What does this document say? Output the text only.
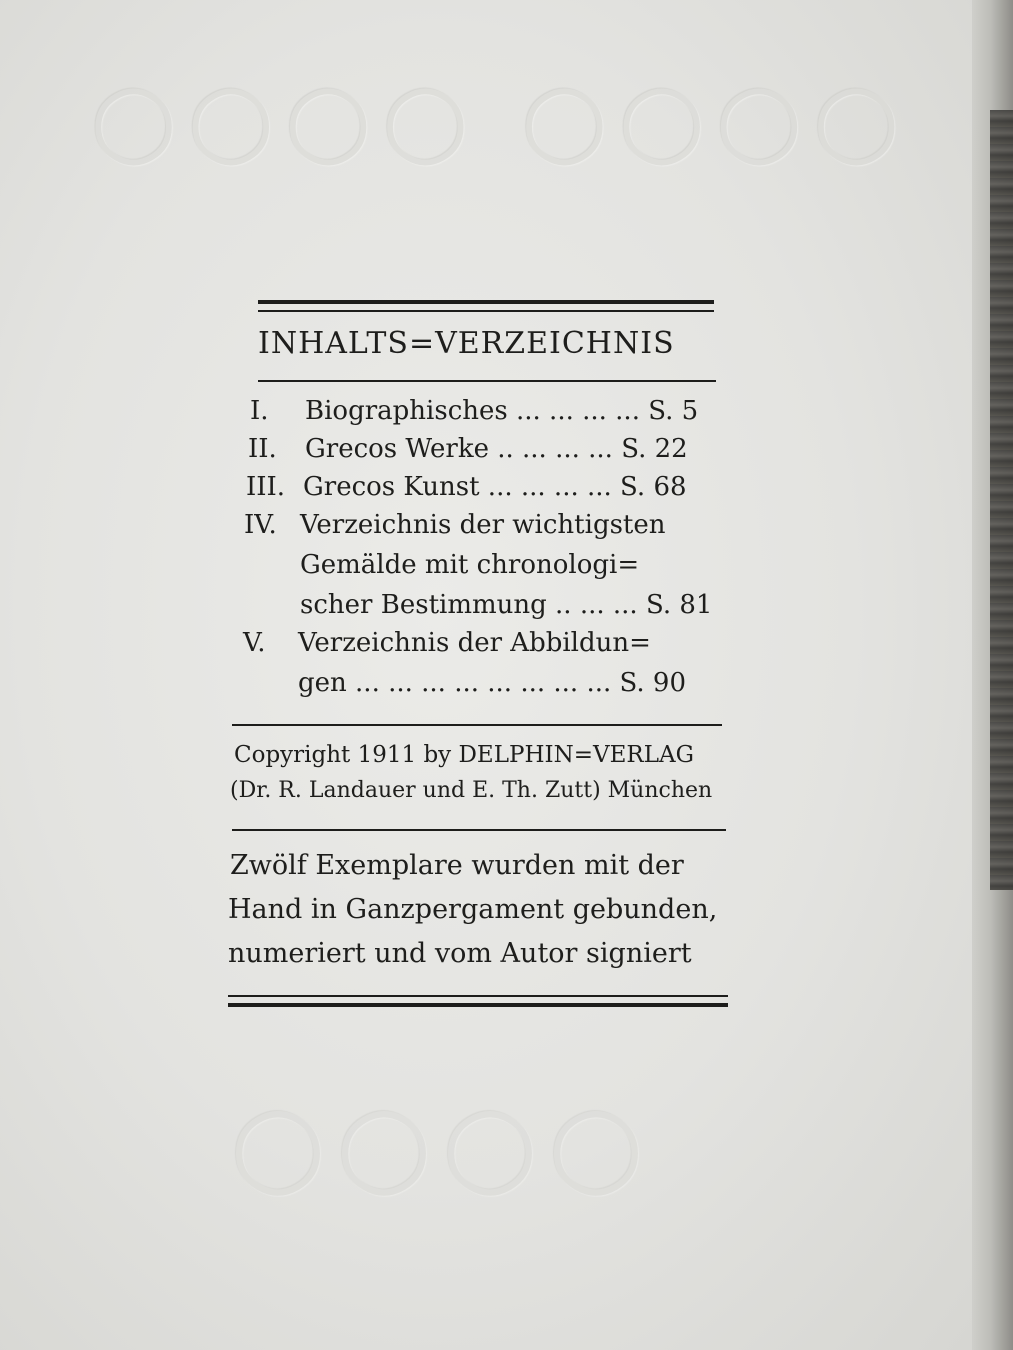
○○○○ ○○○○
○○○○
INHALTS=VERZEICHNIS
I. Biographisches ... ... ... ... S. 5
II. Grecos Werke .. ... ... ... S. 22
III. Grecos Kunst ... ... ... ... S. 68
IV. Verzeichnis der wichtigsten
Gemälde mit chronologi=
scher Bestimmung .. ... ... S. 81
V. Verzeichnis der Abbildun=
gen ... ... ... ... ... ... ... ... S. 90
Copyright 1911 by DELPHIN=VERLAG
(Dr. R. Landauer und E. Th. Zutt) München
Zwölf Exemplare wurden mit der
Hand in Ganzpergament gebunden,
numeriert und vom Autor signiert
